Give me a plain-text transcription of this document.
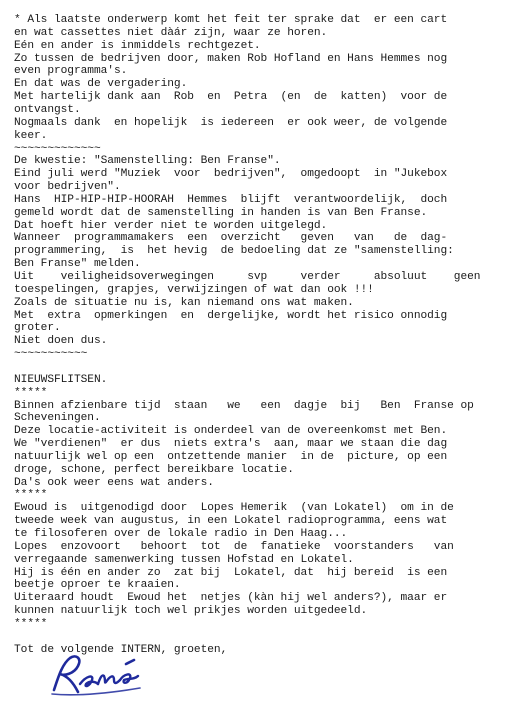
* Als laatste onderwerp komt het feit ter sprake dat  er een cart
en wat cassettes niet dàár zijn, waar ze horen.
Eén en ander is inmiddels rechtgezet.
Zo tussen de bedrijven door, maken Rob Hofland en Hans Hemmes nog
even programma's.
En dat was de vergadering.
Met hartelijk dank aan  Rob  en  Petra  (en  de  katten)  voor de
ontvangst.
Nogmaals dank  en hopelijk  is iedereen  er ook weer, de volgende
keer.
~~~~~~~~~~~~~
De kwestie: "Samenstelling: Ben Franse".
Eind juli werd "Muziek  voor  bedrijven",  omgedoopt  in "Jukebox
voor bedrijven".
Hans  HIP-HIP-HIP-HOORAH  Hemmes  blijft  verantwoordelijk,  doch
gemeld wordt dat de samenstelling in handen is van Ben Franse.
Dat hoeft hier verder niet te worden uitgelegd.
Wanneer  programmamakers  een  overzicht   geven   van   de  dag-
programmering,  is  het hevig  de bedoeling dat ze "samenstelling:
Ben Franse" melden.
Uit    veiligheidsoverwegingen     svp     verder     absoluut    geen
toespelingen, grapjes, verwijzingen of wat dan ook !!!
Zoals de situatie nu is, kan niemand ons wat maken.
Met  extra  opmerkingen  en  dergelijke, wordt het risico onnodig
groter.
Niet doen dus.
~~~~~~~~~~~
NIEUWSFLITSEN.
*****
Binnen afzienbare tijd  staan   we   een  dagje  bij   Ben  Franse op
Scheveningen.
Deze locatie-activiteit is onderdeel van de overeenkomst met Ben.
We "verdienen"  er dus  niets extra's  aan, maar we staan die dag
natuurlijk wel op een  ontzettende manier  in de  picture, op een
droge, schone, perfect bereikbare locatie.
Da's ook weer eens wat anders.
*****
Ewoud is  uitgenodigd door  Lopes Hemerik  (van Lokatel)  om in de
tweede week van augustus, in een Lokatel radioprogramma, eens wat
te filosoferen over de lokale radio in Den Haag...
Lopes  enzovoort   behoort  tot  de  fanatieke  voorstanders   van
verregaande samenwerking tussen Hofstad en Lokatel.
Hij is één en ander zo  zat bij  Lokatel, dat  hij bereid  is een
beetje oproer te kraaien.
Uiteraard houdt  Ewoud het  netjes (kàn hij wel anders?), maar er
kunnen natuurlijk toch wel prikjes worden uitgedeeld.
*****
Tot de volgende INTERN, groeten,
